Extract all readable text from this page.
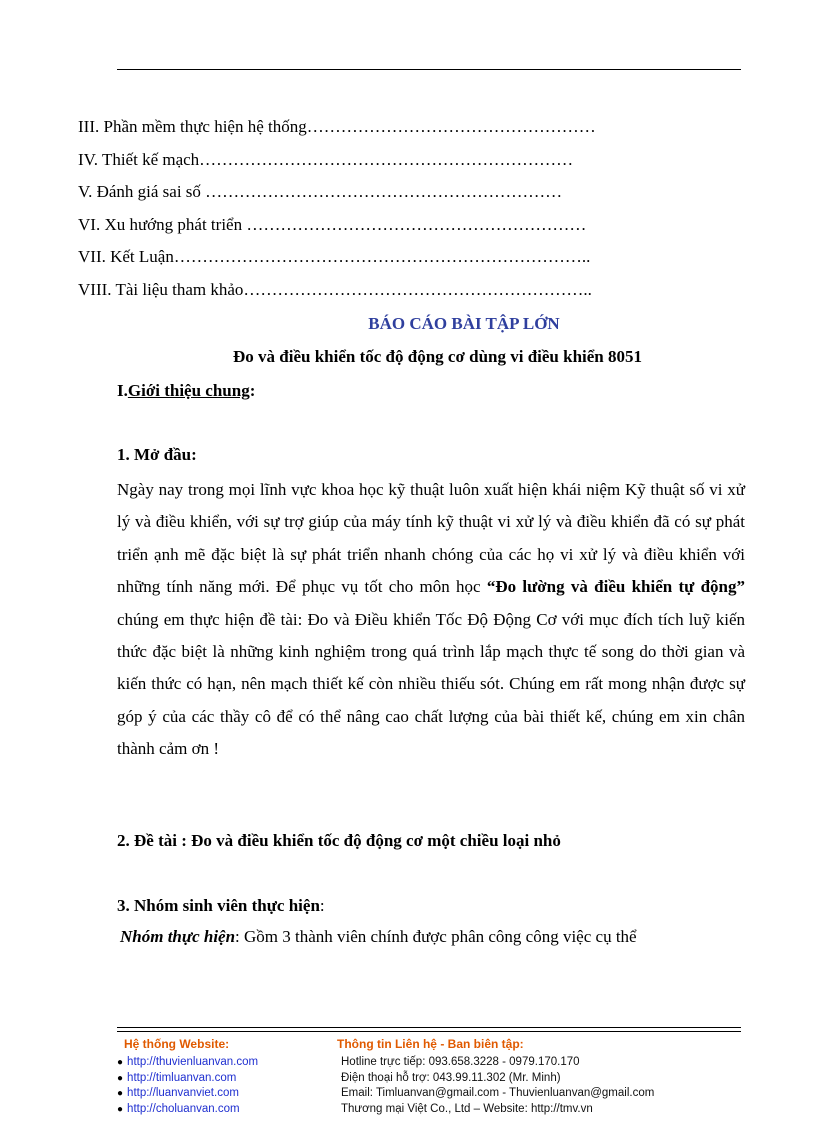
III. Phần mềm thực hiện hệ thống……………………………………………
IV. Thiết kế mạch…………………………………………………………
V. Đánh giá sai số ………………………………………………………
VI. Xu hướng phát triển ……………………………………………………
VII. Kết Luận………………………………………………………………..
VIII. Tài liệu tham khảo……………………………………………………..
BÁO CÁO BÀI TẬP LỚN
Đo và điều khiển tốc độ động cơ dùng vi điều khiển 8051
I.Giới thiệu chung:
1. Mở đầu:
Ngày nay trong mọi lĩnh vực khoa học kỹ thuật luôn xuất hiện khái niệm Kỹ thuật số vi xử lý và điều khiển, với sự trợ giúp của máy tính kỹ thuật vi xử lý và điều khiển đã có sự phát triển ạnh mẽ đặc biệt là sự phát triển nhanh chóng của các họ vi xử lý và điều khiển với những tính năng mới. Để phục vụ tốt cho môn học “Đo lường và điều khiển tự động” chúng em thực hiện đề tài: Đo và Điều khiển Tốc Độ Động Cơ với mục đích tích luỹ kiến thức đặc biệt là những kinh nghiệm trong quá trình lắp mạch thực tế song do thời gian và kiến thức có hạn, nên mạch thiết kế còn nhiều thiếu sót. Chúng em rất mong nhận được sự góp ý của các thầy cô để có thể nâng cao chất lượng của bài thiết kế, chúng em xin chân thành cảm ơn !
2. Đề tài : Đo và điều khiển tốc độ động cơ một chiều loại nhỏ
3. Nhóm sinh viên thực hiện:
Nhóm thực hiện: Gồm 3 thành viên chính được phân công công việc cụ thể
Hệ thống Website:	Thông tin Liên hệ - Ban biên tập:
● http://thuvienluanvan.com
● http://timluanvan.com
● http://luanvanviet.com
● http://choluanvan.com
Hotline trực tiếp: 093.658.3228 - 0979.170.170
Điện thoại hỗ trợ: 043.99.11.302 (Mr. Minh)
Email: Timluanvan@gmail.com - Thuvienluanvan@gmail.com
Thương mại Việt Co., Ltd – Website: http://tmv.vn
